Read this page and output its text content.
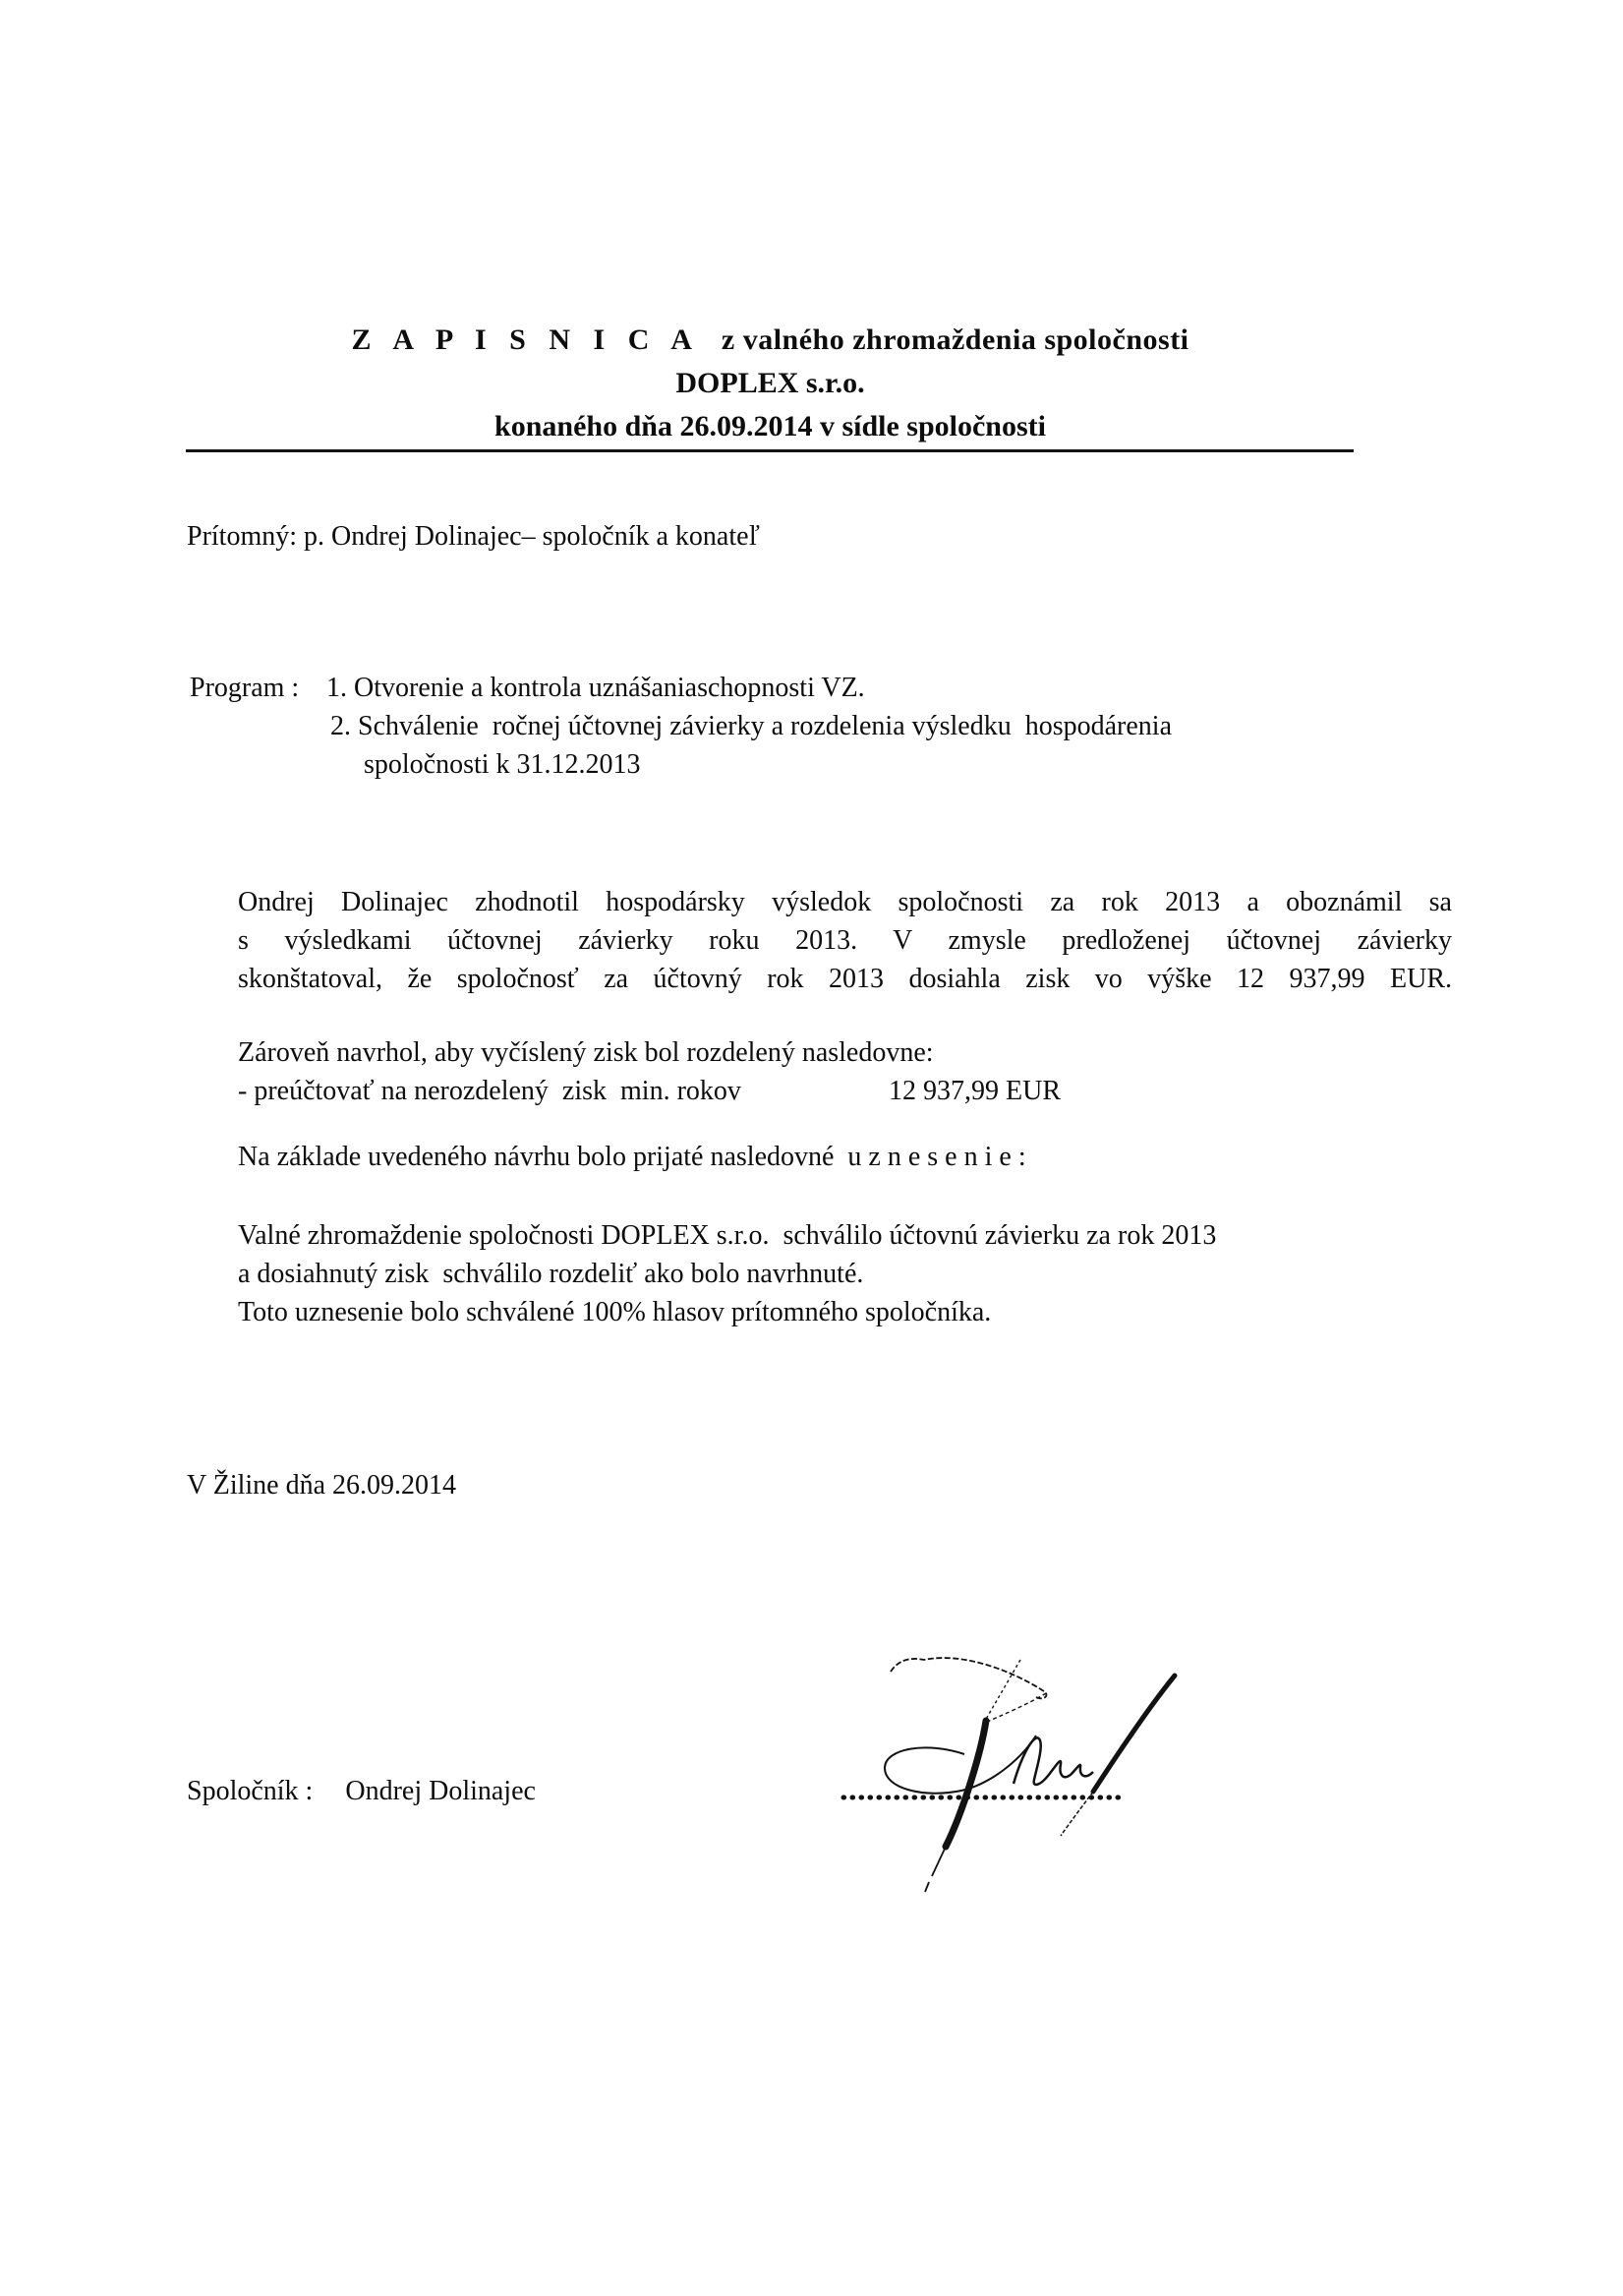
Z A P I S N I C A z valného zhromaždenia spoločnosti
DOPLEX s.r.o.
konaného dňa 26.09.2014 v sídle spoločnosti
Prítomný: p. Ondrej Dolinajec– spoločník a konateľ
Program : 1. Otvorenie a kontrola uznášaniaschopnosti VZ.
2. Schválenie  ročnej účtovnej závierky a rozdelenia výsledku  hospodárenia
spoločnosti k 31.12.2013
Ondrej Dolinajec zhodnotil hospodársky výsledok spoločnosti za rok 2013 a oboznámil sa
s výsledkami účtovnej závierky roku 2013. V zmysle predloženej účtovnej závierky
skonštatoval, že spoločnosť za účtovný rok 2013 dosiahla zisk vo výške 12 937,99 EUR.
Zároveň navrhol, aby vyčíslený zisk bol rozdelený nasledovne:
- preúčtovať na nerozdelený  zisk  min. rokov	12 937,99 EUR
Na základe uvedeného návrhu bolo prijaté nasledovné  u z n e s e n i e :
Valné zhromaždenie spoločnosti DOPLEX s.r.o.  schválilo účtovnú závierku za rok 2013
a dosiahnutý zisk  schválilo rozdeliť ako bolo navrhnuté.
Toto uznesenie bolo schválené 100% hlasov prítomného spoločníka.
V Žiline dňa 26.09.2014
Spoločník : Ondrej Dolinajec
